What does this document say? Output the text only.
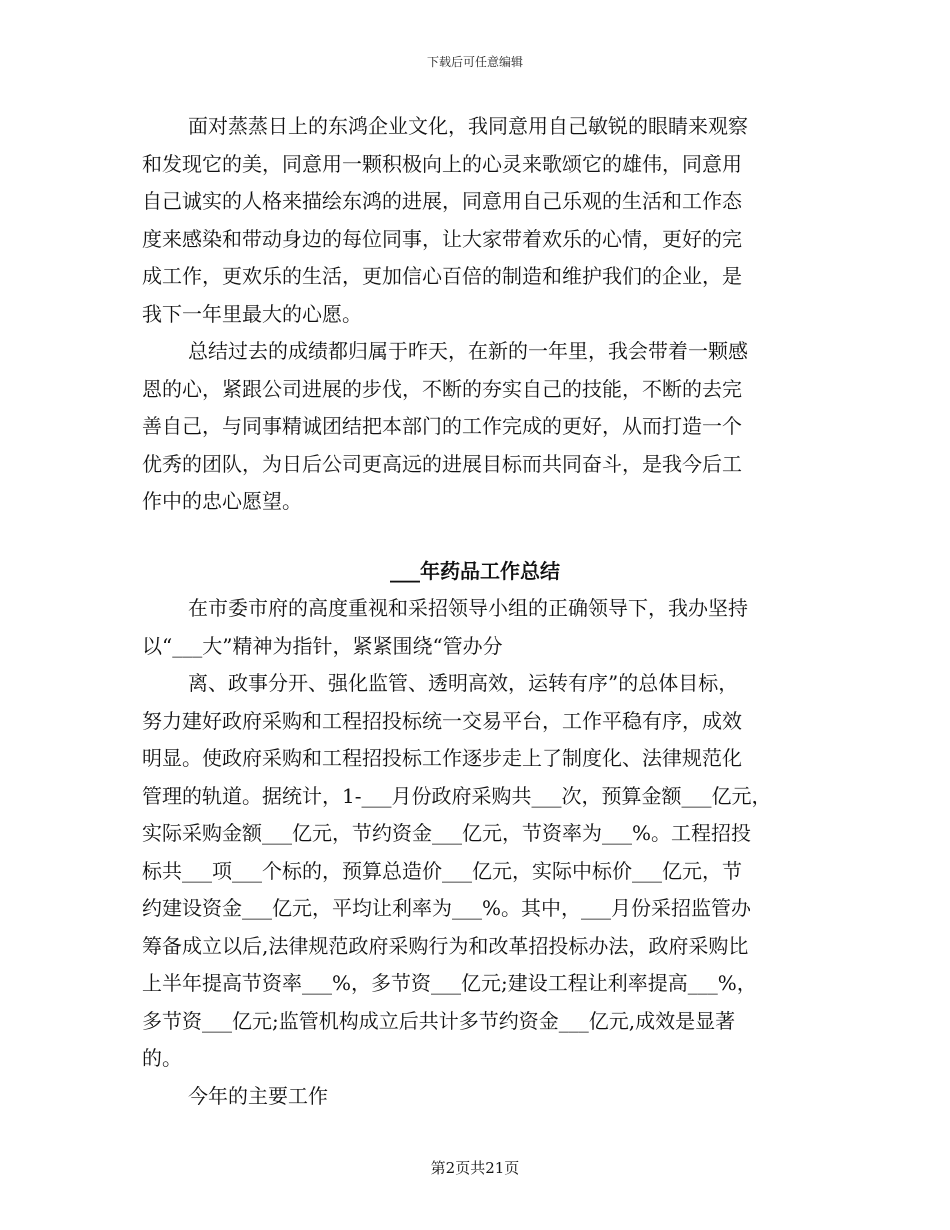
下载后可任意编辑
面对蒸蒸日上的东鸿企业文化，我同意用自己敏锐的眼睛来观察
和发现它的美，同意用一颗积极向上的心灵来歌颂它的雄伟，同意用
自己诚实的人格来描绘东鸿的进展，同意用自己乐观的生活和工作态
度来感染和带动身边的每位同事，让大家带着欢乐的心情，更好的完
成工作，更欢乐的生活，更加信心百倍的制造和维护我们的企业，是
我下一年里最大的心愿。
总结过去的成绩都归属于昨天，在新的一年里，我会带着一颗感
恩的心，紧跟公司进展的步伐，不断的夯实自己的技能，不断的去完
善自己，与同事精诚团结把本部门的工作完成的更好，从而打造一个
优秀的团队，为日后公司更高远的进展目标而共同奋斗，是我今后工
作中的忠心愿望。
___年药品工作总结
在市委市府的高度重视和采招领导小组的正确领导下，我办坚持
以“___大”精神为指针，紧紧围绕“管办分
离、政事分开、强化监管、透明高效，运转有序”的总体目标，
努力建好政府采购和工程招投标统一交易平台，工作平稳有序，成效
明显。使政府采购和工程招投标工作逐步走上了制度化、法律规范化
管理的轨道。据统计，1-___月份政府采购共___次，预算金额___亿元，
实际采购金额___亿元，节约资金___亿元，节资率为___%。工程招投
标共___项___个标的，预算总造价___亿元，实际中标价___亿元，节
约建设资金___亿元，平均让利率为___%。其中，___月份采招监管办
筹备成立以后,法律规范政府采购行为和改革招投标办法，政府采购比
上半年提高节资率___%，多节资___亿元;建设工程让利率提高___%，
多节资___亿元;监管机构成立后共计多节约资金___亿元,成效是显著
的。
今年的主要工作
第2页共21页
